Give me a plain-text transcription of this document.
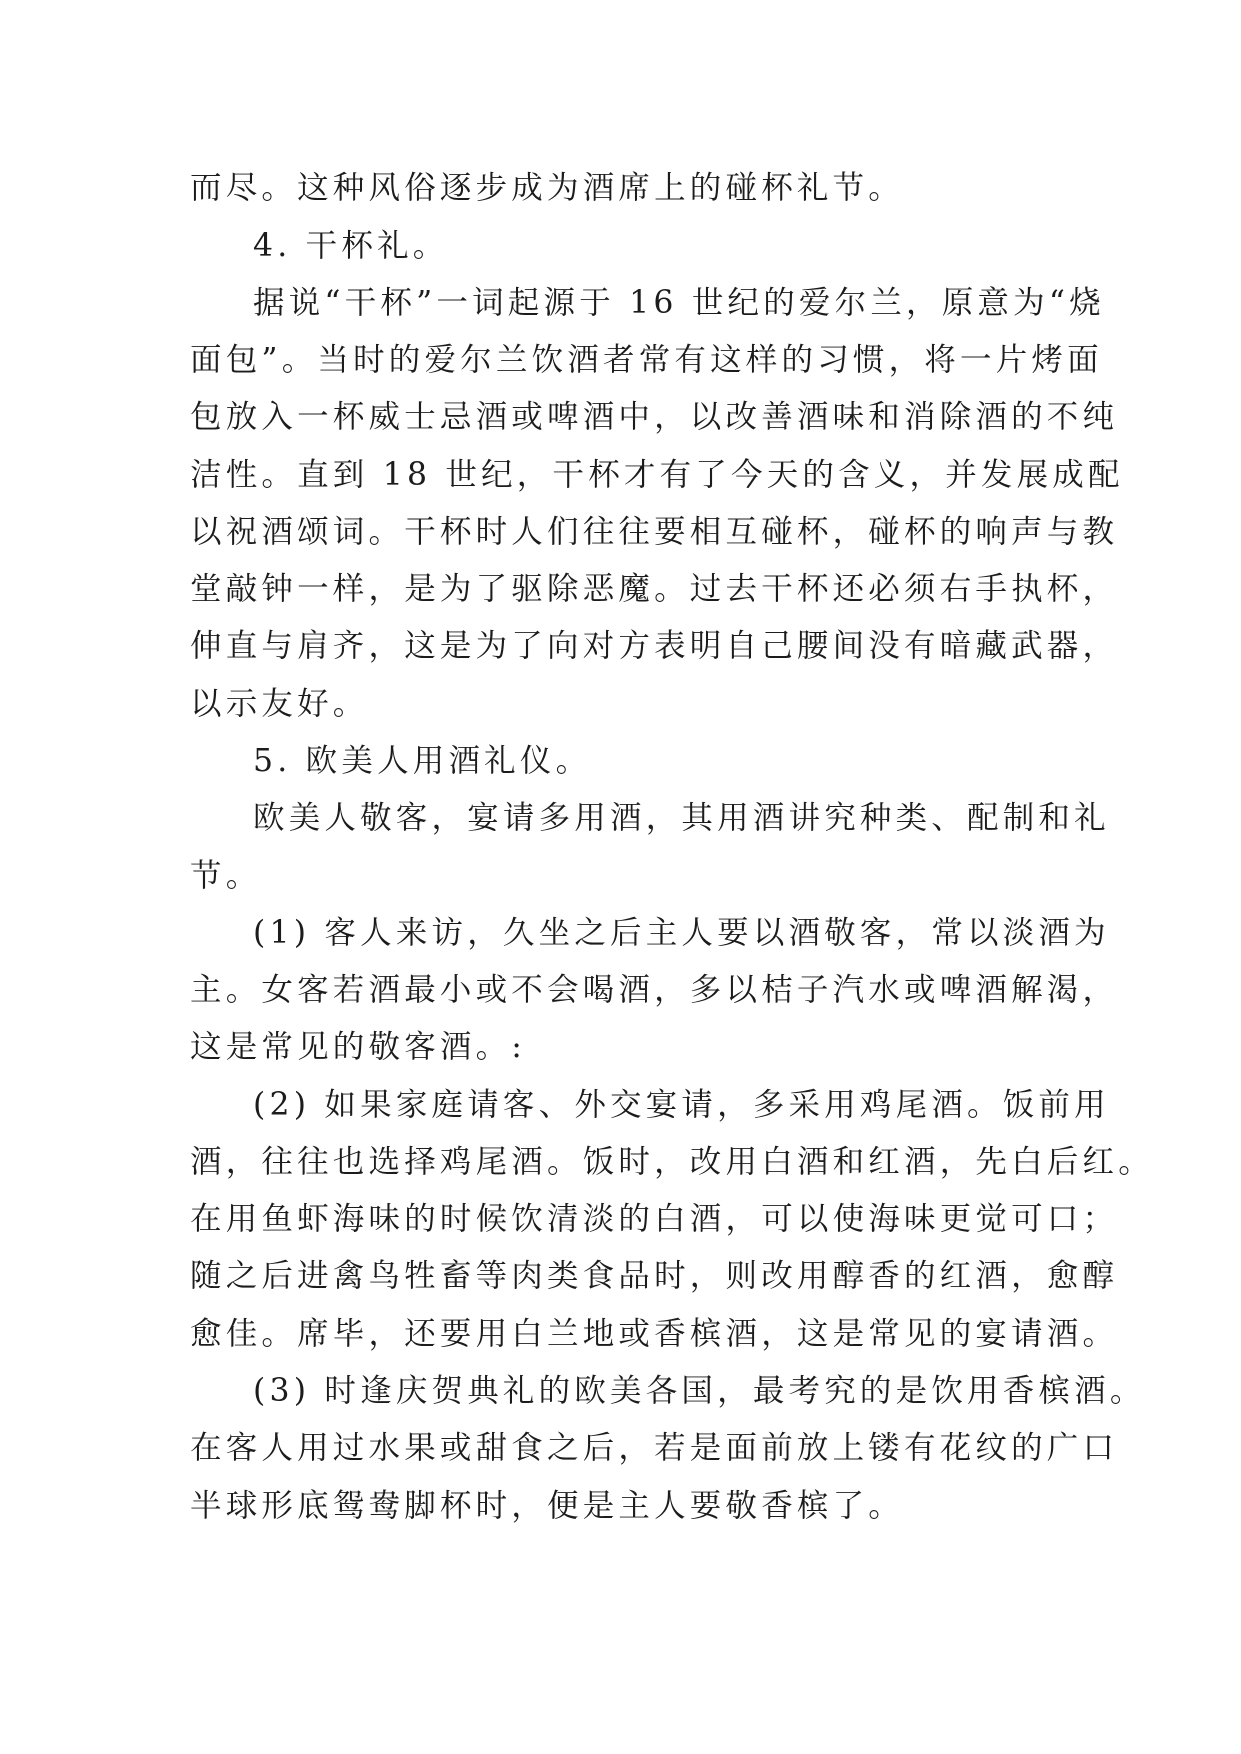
而尽。这种风俗逐步成为酒席上的碰杯礼节。
4. 干杯礼。
据说“干杯”一词起源于 16 世纪的爱尔兰，原意为“烧
面包”。当时的爱尔兰饮酒者常有这样的习惯，将一片烤面
包放入一杯威士忌酒或啤酒中，以改善酒味和消除酒的不纯
洁性。直到 18 世纪，干杯才有了今天的含义，并发展成配
以祝酒颂词。干杯时人们往往要相互碰杯，碰杯的响声与教
堂敲钟一样，是为了驱除恶魔。过去干杯还必须右手执杯，
伸直与肩齐，这是为了向对方表明自己腰间没有暗藏武器，
以示友好。
5. 欧美人用酒礼仪。
欧美人敬客，宴请多用酒，其用酒讲究种类、配制和礼
节。
(1) 客人来访，久坐之后主人要以酒敬客，常以淡酒为
主。女客若酒最小或不会喝酒，多以桔子汽水或啤酒解渴，
这是常见的敬客酒。:
(2) 如果家庭请客、外交宴请，多采用鸡尾酒。饭前用
酒，往往也选择鸡尾酒。饭时，改用白酒和红酒，先白后红。
在用鱼虾海味的时候饮清淡的白酒，可以使海味更觉可口；
随之后进禽鸟牲畜等肉类食品时，则改用醇香的红酒，愈醇
愈佳。席毕，还要用白兰地或香槟酒，这是常见的宴请酒。
(3) 时逢庆贺典礼的欧美各国，最考究的是饮用香槟酒。
在客人用过水果或甜食之后，若是面前放上镂有花纹的广口
半球形底鸳鸯脚杯时，便是主人要敬香槟了。
